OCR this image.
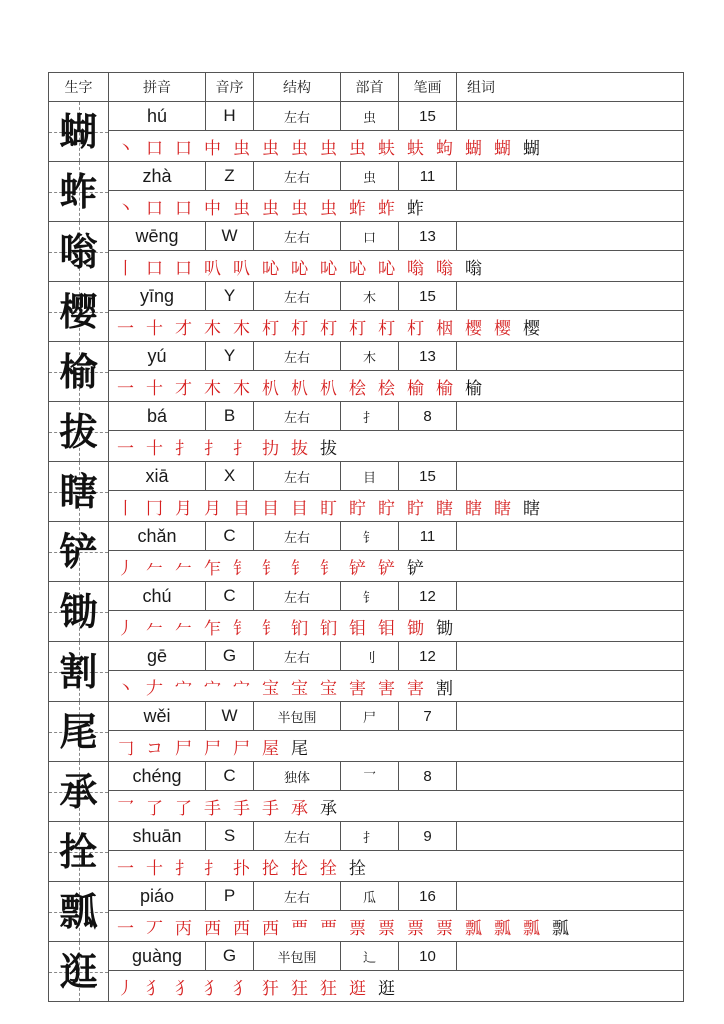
生字	拼音	音序	结构	部首	笔画	组词

蝴	hú	H	左右	虫	15	
	丶 口 口 中 虫 虫 虫 虫 虫 蚨 蚨 蚼 蝴 蝴 蝴					

蚱	zhà	Z	左右	虫	11	
	丶 口 口 中 虫 虫 虫 虫 蚱 蚱 蚱					

嗡	wēng	W	左右	口	13	
	丨 口 口 叭 叭 吣 吣 吣 吣 吣 嗡 嗡 嗡					

樱	yīng	Y	左右	木	15	
	一 十 才 木 木 朾 朾 朾 朾 朾 朾 栶 樱 樱 樱					

榆	yú	Y	左右	木	13	
	一 十 才 木 木 朳 朳 朳 桧 桧 榆 榆 榆					

拔	bá	B	左右	扌	8	
	一 十 扌 扌 扌 扐 抜 拔					

瞎	xiā	X	左右	目	15	
	丨 冂 月 月 目 目 目 盯 眝 眝 眝 瞎 瞎 瞎 瞎					

铲	chǎn	C	左右	钅	11	
	丿 𠂉 𠂉 乍 钅 钅 钅 钅 铲 铲 铲					

锄	chú	C	左右	钅	12	
	丿 𠂉 𠂉 乍 钅 钅 钔 钔 钼 钼 锄 锄					

割	gē	G	左右	刂	12	
	丶 𠂇 宀 宀 宀 宝 宝 宝 害 害 害 割					

尾	wěi	W	半包围	尸	7	
	𠃌 コ 尸 尸 尸 屋 尾					

承	chéng	C	独体	乛	8	
	乛 了 了 手 手 手 承 承					

拴	shuān	S	左右	扌	9	
	一 十 扌 扌 扑 抡 抡 拴 拴					

瓢	piáo	P	左右	瓜	16	
	一 丆 丙 西 西 西 覀 覀 票 票 票 票 瓢 瓢 瓢 瓢					

逛	guàng	G	半包围	辶	10	
	丿 犭 犭 犭 犭 犴 狂 狂 逛 逛					
